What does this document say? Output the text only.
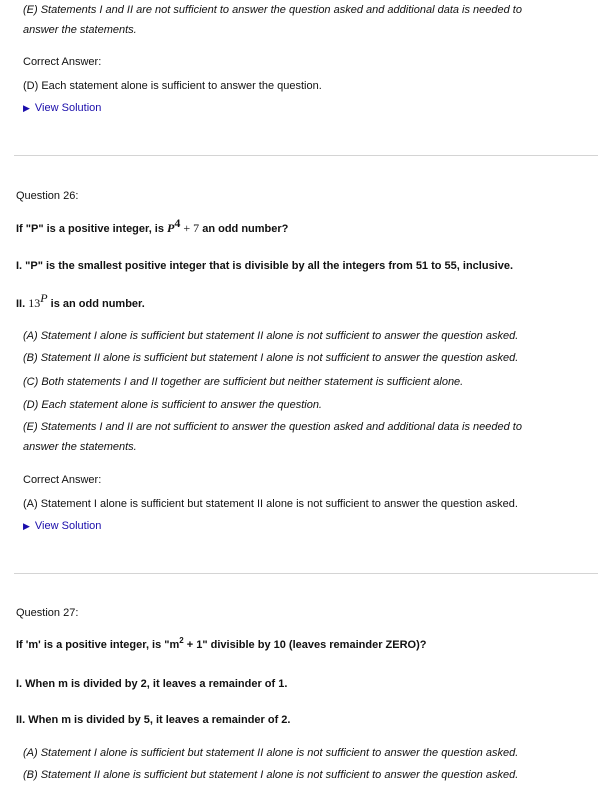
(E) Statements I and II are not sufficient to answer the question asked and additional data is needed to
answer the statements.
Correct Answer:
(D) Each statement alone is sufficient to answer the question.
▶ View Solution
Question 26:
If "P" is a positive integer, is $P^4 + 7$ an odd number?
I. "P" is the smallest positive integer that is divisible by all the integers from 51 to 55, inclusive.
II. $13^P$ is an odd number.
(A) Statement I alone is sufficient but statement II alone is not sufficient to answer the question asked.
(B) Statement II alone is sufficient but statement I alone is not sufficient to answer the question asked.
(C) Both statements I and II together are sufficient but neither statement is sufficient alone.
(D) Each statement alone is sufficient to answer the question.
(E) Statements I and II are not sufficient to answer the question asked and additional data is needed to
answer the statements.
Correct Answer:
(A) Statement I alone is sufficient but statement II alone is not sufficient to answer the question asked.
▶ View Solution
Question 27:
If 'm' is a positive integer, is "$m^2 + 1$" divisible by 10 (leaves remainder ZERO)?
I. When m is divided by 2, it leaves a remainder of 1.
II. When m is divided by 5, it leaves a remainder of 2.
(A) Statement I alone is sufficient but statement II alone is not sufficient to answer the question asked.
(B) Statement II alone is sufficient but statement I alone is not sufficient to answer the question asked.
